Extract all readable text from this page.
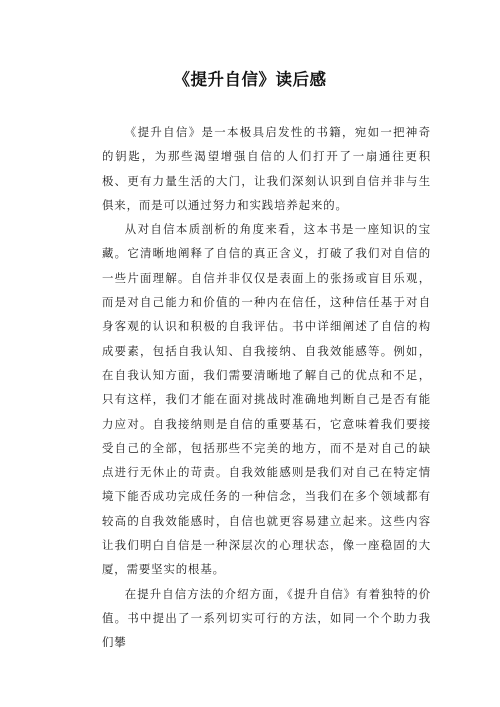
《提升自信》读后感

《提升自信》是一本极具启发性的书籍，宛如一把神奇的钥匙，为那些渴望增强自信的人们打开了一扇通往更积极、更有力量生活的大门，让我们深刻认识到自信并非与生俱来，而是可以通过努力和实践培养起来的。

从对自信本质剖析的角度来看，这本书是一座知识的宝藏。它清晰地阐释了自信的真正含义，打破了我们对自信的一些片面理解。自信并非仅仅是表面上的张扬或盲目乐观，而是对自己能力和价值的一种内在信任，这种信任基于对自身客观的认识和积极的自我评估。书中详细阐述了自信的构成要素，包括自我认知、自我接纳、自我效能感等。例如，在自我认知方面，我们需要清晰地了解自己的优点和不足，只有这样，我们才能在面对挑战时准确地判断自己是否有能力应对。自我接纳则是自信的重要基石，它意味着我们要接受自己的全部，包括那些不完美的地方，而不是对自己的缺点进行无休止的苛责。自我效能感则是我们对自己在特定情境下能否成功完成任务的一种信念，当我们在多个领域都有较高的自我效能感时，自信也就更容易建立起来。这些内容让我们明白自信是一种深层次的心理状态，像一座稳固的大厦，需要坚实的根基。

在提升自信方法的介绍方面，《提升自信》有着独特的价值。书中提出了一系列切实可行的方法，如同一个个助力我们攀
